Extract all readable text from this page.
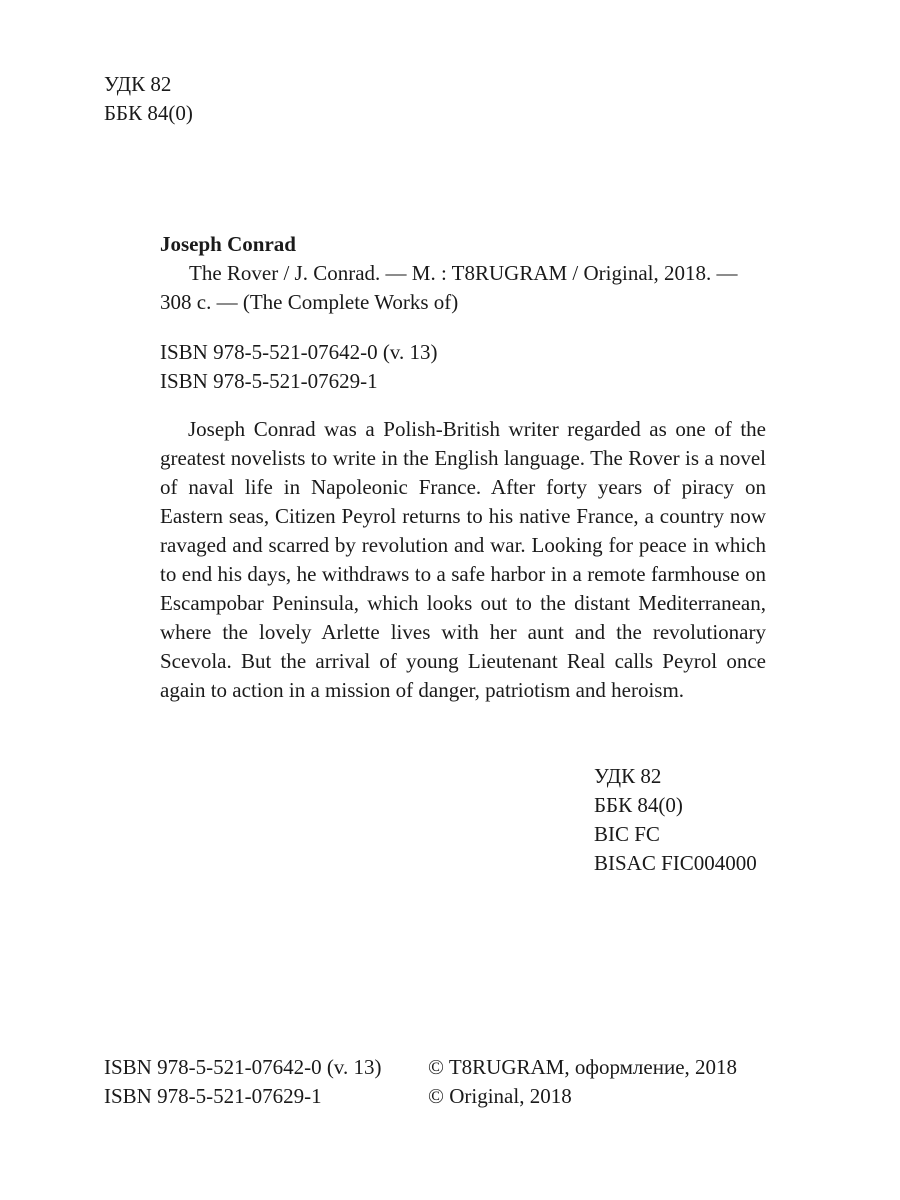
УДК 82
ББК 84(0)
Joseph Conrad
The Rover / J. Conrad. — M. : T8RUGRAM / Original, 2018. —
308 c. — (The Complete Works of)
ISBN 978-5-521-07642-0 (v. 13)
ISBN 978-5-521-07629-1

Joseph Conrad was a Polish-British writer regarded as one of the greatest novelists to write in the English language. The Rover is a novel of naval life in Napoleonic France. After forty years of piracy on Eastern seas, Citizen Peyrol returns to his native France, a country now ravaged and scarred by revolution and war. Looking for peace in which to end his days, he withdraws to a safe harbor in a remote farmhouse on Escampobar Peninsula, which looks out to the distant Mediterranean, where the lovely Arlette lives with her aunt and the revolutionary Scevola. But the arrival of young Lieutenant Real calls Peyrol once again to action in a mission of danger, patriotism and heroism.

УДК 82
ББК 84(0)
BIC FC
BISAC FIC004000
ISBN 978-5-521-07642-0 (v. 13)
ISBN 978-5-521-07629-1
© T8RUGRAM, оформление, 2018
© Original, 2018
